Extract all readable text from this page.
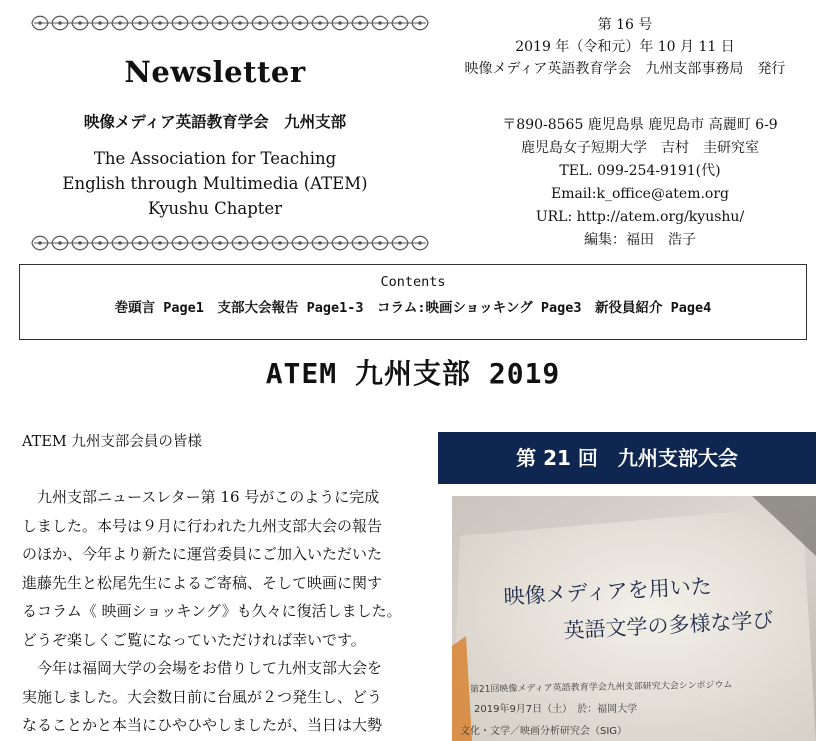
Newsletter
映像メディア英語教育学会　九州支部
The Association for Teaching
English through Multimedia (ATEM)
Kyushu Chapter
第 16 号
2019 年（令和元）年 10 月 11 日
映像メディア英語教育学会　九州支部事務局　発行
〒890-8565 鹿児島県 鹿児島市 高麗町 6-9
鹿児島女子短期大学　吉村　圭研究室
TEL. 099-254-9191(代)
Email:k_office@atem.org
URL: http://atem.org/kyushu/
編集：福田　浩子
Contents
巻頭言 Page1　支部大会報告 Page1-3　コラム:映画ショッキング Page3　新役員紹介 Page4
ATEM 九州支部 2019
ATEM 九州支部会員の皆様
　九州支部ニュースレター第 16 号がこのように完成
しました。本号は９月に行われた九州支部大会の報告
のほか、今年より新たに運営委員にご加入いただいた
進藤先生と松尾先生によるご寄稿、そして映画に関す
るコラム《 映画ショッキング》も久々に復活しました。
どうぞ楽しくご覧になっていただければ幸いです。
　今年は福岡大学の会場をお借りして九州支部大会を
実施しました。大会数日前に台風が２つ発生し、どう
なることかと本当にひやひやしましたが、当日は大勢
第 21 回　九州支部大会
映像メディアを用いた
英語文学の多様な学び
第21回映像メディア英語教育学会九州支部研究大会シンポジウム
2019年9月7日（土）　於：福岡大学
文化・文学／映画分析研究会（SIG）
